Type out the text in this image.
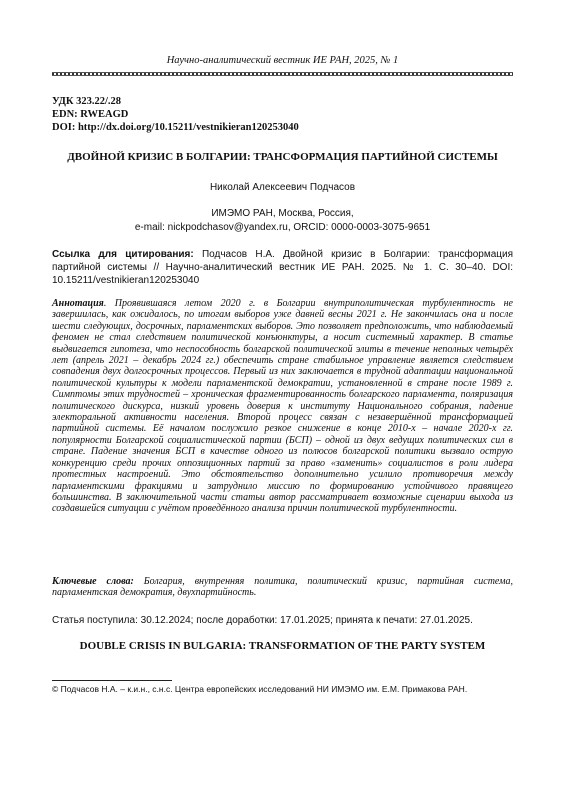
Научно-аналитический вестник ИЕ РАН, 2025, № 1
УДК 323.22/.28
EDN: RWEAGD
DOI: http://dx.doi.org/10.15211/vestnikieran120253040
ДВОЙНОЙ КРИЗИС В БОЛГАРИИ: ТРАНСФОРМАЦИЯ ПАРТИЙНОЙ СИСТЕМЫ
Николай Алексеевич Подчасов
ИМЭМО РАН, Москва, Россия,
e-mail: nickpodchasov@yandex.ru, ORCID: 0000-0003-3075-9651
Ссылка для цитирования: Подчасов Н.А. Двойной кризис в Болгарии: трансформация партийной системы // Научно-аналитический вестник ИЕ РАН. 2025. № 1. С. 30–40. DOI: 10.15211/vestnikieran120253040
Аннотация. Проявившаяся летом 2020 г. в Болгарии внутриполитическая турбулентность не завершилась, как ожидалось, по итогам выборов уже давней весны 2021 г. Не закончилась она и после шести следующих, досрочных, парламентских выборов. Это позволяет предположить, что наблюдаемый феномен не стал следствием политической конъюнктуры, а носит системный характер. В статье выдвигается гипотеза, что неспособность болгарской политической элиты в течение неполных четырёх лет (апрель 2021 – декабрь 2024 гг.) обеспечить стране стабильное управление является следствием совпадения двух долгосрочных процессов. Первый из них заключается в трудной адаптации национальной политической культуры к модели парламентской демократии, установленной в стране после 1989 г. Симптомы этих трудностей – хроническая фрагментированность болгарского парламента, поляризация политического дискурса, низкий уровень доверия к институту Национального собрания, падение электоральной активности населения. Второй процесс связан с незавершённой трансформацией партийной системы. Её началом послужило резкое снижение в конце 2010-х – начале 2020-х гг. популярности Болгарской социалистической партии (БСП) – одной из двух ведущих политических сил в стране. Падение значения БСП в качестве одного из полюсов болгарской политики вызвало острую конкуренцию среди прочих оппозиционных партий за право «заменить» социалистов в роли лидера протестных настроений. Это обстоятельство дополнительно усилило противоречия между парламентскими фракциями и затруднило миссию по формированию устойчивого правящего большинства. В заключительной части статьи автор рассматривает возможные сценарии выхода из создавшейся ситуации с учётом проведённого анализа причин политической турбулентности.
Ключевые слова: Болгария, внутренняя политика, политический кризис, партийная система, парламентская демократия, двухпартийность.
Статья поступила: 30.12.2024; после доработки: 17.01.2025; принята к печати: 27.01.2025.
DOUBLE CRISIS IN BULGARIA: TRANSFORMATION OF THE PARTY SYSTEM
© Подчасов Н.А. – к.и.н., с.н.с. Центра европейских исследований НИ ИМЭМО им. Е.М. Примакова РАН.
